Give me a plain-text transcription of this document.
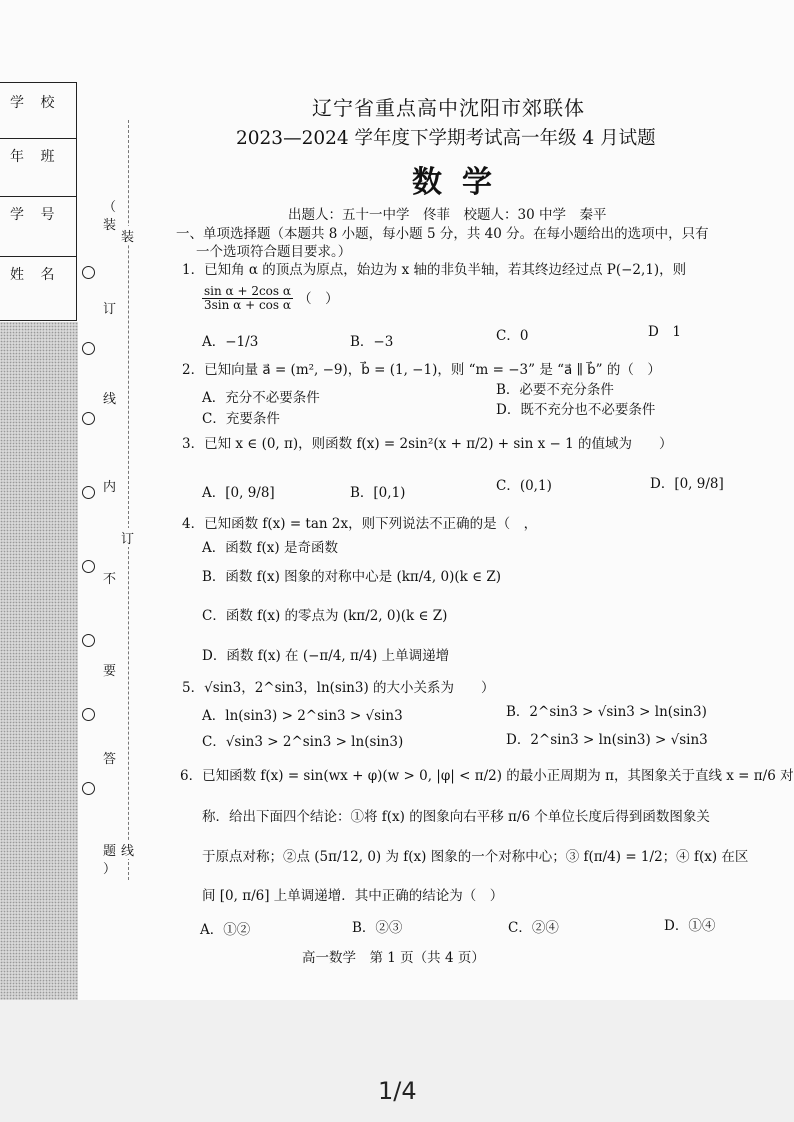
学 校
年 班
学 号
姓 名
（
装
订
线
内
不
要
答
题
）
装
订
线
辽宁省重点高中沈阳市郊联体
2023—2024 学年度下学期考试高一年级 4 月试题
数学
出题人：五十一中学　佟菲　校题人：30 中学　秦平
一、单项选择题（本题共 8 小题，每小题 5 分，共 40 分。在每小题给出的选项中，只有
一个选项符合题目要求。）
1．已知角 α 的顶点为原点，始边为 x 轴的非负半轴，若其终边经过点 P(−2,1)，则
$\frac{\text{sin α + 2cos α}}{\text{3sin α + cos α}}$ （　）
A．−1/3	B．−3	C．0	D　1
2．已知向量 a⃗ = (m², −9)，b⃗ = (1, −1)，则 “m = −3” 是 “a⃗ ∥ b⃗” 的（　）
A．充分不必要条件	B．必要不充分条件
C．充要条件
D．既不充分也不必要条件
3．已知 x ∈ (0, π)，则函数 f(x) = 2sin²(x + π/2) + sin x − 1 的值域为　　）
A．[0, 9/8]	B．[0,1)	C．(0,1)	D．[0, 9/8]
4．已知函数 f(x) = tan 2x，则下列说法不正确的是（　，
A．函数 f(x) 是奇函数
B．函数 f(x) 图象的对称中心是 (kπ/4, 0)(k ∈ Z)
C．函数 f(x) 的零点为 (kπ/2, 0)(k ∈ Z)
D．函数 f(x) 在 (−π/4, π/4) 上单调递增
5．√sin3，2^sin3，ln(sin3) 的大小关系为　　）
A．ln(sin3) > 2^sin3 > √sin3	B．2^sin3 > √sin3 > ln(sin3)
C．√sin3 > 2^sin3 > ln(sin3)	D．2^sin3 > ln(sin3) > √sin3
6．已知函数 f(x) = sin(wx + φ)(w > 0, |φ| < π/2) 的最小正周期为 π，其图象关于直线 x = π/6 对
称．给出下面四个结论：①将 f(x) 的图象向右平移 π/6 个单位长度后得到函数图象关
于原点对称；②点 (5π/12, 0) 为 f(x) 图象的一个对称中心；③ f(π/4) = 1/2；④ f(x) 在区
间 [0, π/6] 上单调递增．其中正确的结论为（　）
A．①②	B．②③	C．②④	D．①④
高一数学　第 1 页（共 4 页）
1/4
